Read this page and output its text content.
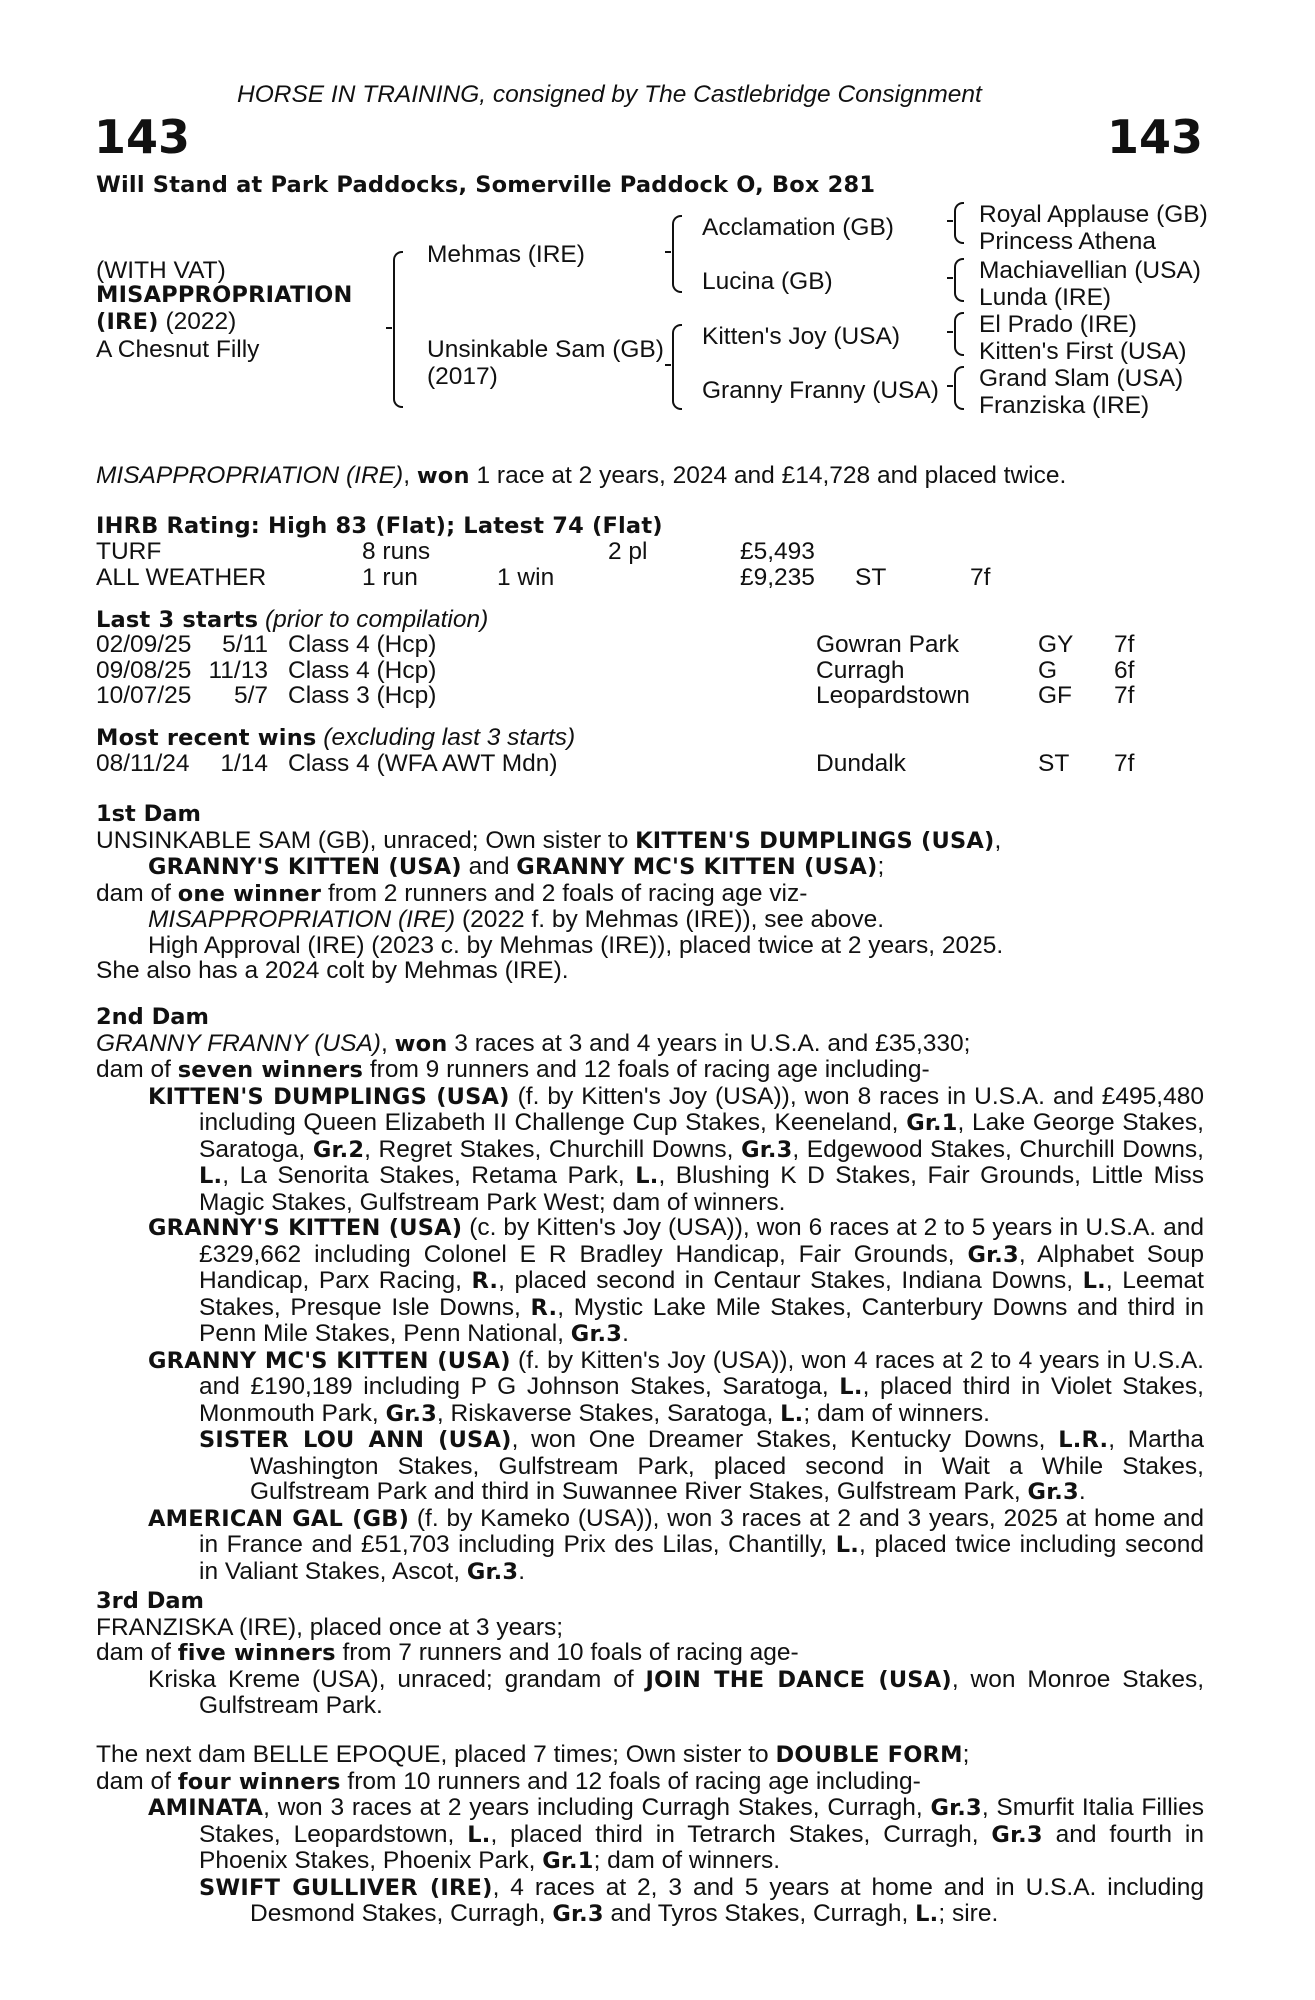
HORSE IN TRAINING, consigned by The Castlebridge Consignment
143	143
Will Stand at Park Paddocks, Somerville Paddock O, Box 281
(WITH VAT)
MISAPPROPRIATION
(IRE) (2022)
A Chesnut Filly
Mehmas (IRE)
Unsinkable Sam (GB)
(2017)
Acclamation (GB)
Lucina (GB)
Kitten's Joy (USA)
Granny Franny (USA)
Royal Applause (GB)
Princess Athena
Machiavellian (USA)
Lunda (IRE)
El Prado (IRE)
Kitten's First (USA)
Grand Slam (USA)
Franziska (IRE)
MISAPPROPRIATION (IRE), won 1 race at 2 years, 2024 and £14,728 and placed twice.
IHRB Rating: High 83 (Flat); Latest 74 (Flat)
TURF	8 runs	2 pl	£5,493
ALL WEATHER	1 run	1 win	£9,235 ST	7f
Last 3 starts (prior to compilation)
02/09/25	5/11 Class 4 (Hcp)	Gowran Park	GY 7f
09/08/25 11/13 Class 4 (Hcp)	Curragh	G 6f
10/07/25	5/7 Class 3 (Hcp)	Leopardstown	GF 7f
Most recent wins (excluding last 3 starts)
08/11/24	1/14 Class 4 (WFA AWT Mdn)	Dundalk	ST 7f
1st Dam
UNSINKABLE SAM (GB), unraced; Own sister to KITTEN'S DUMPLINGS (USA),
GRANNY'S KITTEN (USA) and GRANNY MC'S KITTEN (USA);
dam of one winner from 2 runners and 2 foals of racing age viz-
MISAPPROPRIATION (IRE) (2022 f. by Mehmas (IRE)), see above.
High Approval (IRE) (2023 c. by Mehmas (IRE)), placed twice at 2 years, 2025.
She also has a 2024 colt by Mehmas (IRE).
2nd Dam
GRANNY FRANNY (USA), won 3 races at 3 and 4 years in U.S.A. and £35,330;
dam of seven winners from 9 runners and 12 foals of racing age including-
KITTEN'S DUMPLINGS (USA) (f. by Kitten's Joy (USA)), won 8 races in U.S.A. and £495,480 including Queen Elizabeth II Challenge Cup Stakes, Keeneland, Gr.1, Lake George Stakes, Saratoga, Gr.2, Regret Stakes, Churchill Downs, Gr.3, Edgewood Stakes, Churchill Downs, L., La Senorita Stakes, Retama Park, L., Blushing K D Stakes, Fair Grounds, Little Miss Magic Stakes, Gulfstream Park West; dam of winners.
GRANNY'S KITTEN (USA) (c. by Kitten's Joy (USA)), won 6 races at 2 to 5 years in U.S.A. and £329,662 including Colonel E R Bradley Handicap, Fair Grounds, Gr.3, Alphabet Soup Handicap, Parx Racing, R., placed second in Centaur Stakes, Indiana Downs, L., Leemat Stakes, Presque Isle Downs, R., Mystic Lake Mile Stakes, Canterbury Downs and third in Penn Mile Stakes, Penn National, Gr.3.
GRANNY MC'S KITTEN (USA) (f. by Kitten's Joy (USA)), won 4 races at 2 to 4 years in U.S.A. and £190,189 including P G Johnson Stakes, Saratoga, L., placed third in Violet Stakes, Monmouth Park, Gr.3, Riskaverse Stakes, Saratoga, L.; dam of winners.
SISTER LOU ANN (USA), won One Dreamer Stakes, Kentucky Downs, L.R., Martha Washington Stakes, Gulfstream Park, placed second in Wait a While Stakes, Gulfstream Park and third in Suwannee River Stakes, Gulfstream Park, Gr.3.
AMERICAN GAL (GB) (f. by Kameko (USA)), won 3 races at 2 and 3 years, 2025 at home and in France and £51,703 including Prix des Lilas, Chantilly, L., placed twice including second in Valiant Stakes, Ascot, Gr.3.
3rd Dam
FRANZISKA (IRE), placed once at 3 years;
dam of five winners from 7 runners and 10 foals of racing age-
Kriska Kreme (USA), unraced; grandam of JOIN THE DANCE (USA), won Monroe Stakes, Gulfstream Park.
The next dam BELLE EPOQUE, placed 7 times; Own sister to DOUBLE FORM;
dam of four winners from 10 runners and 12 foals of racing age including-
AMINATA, won 3 races at 2 years including Curragh Stakes, Curragh, Gr.3, Smurfit Italia Fillies Stakes, Leopardstown, L., placed third in Tetrarch Stakes, Curragh, Gr.3 and fourth in Phoenix Stakes, Phoenix Park, Gr.1; dam of winners.
SWIFT GULLIVER (IRE), 4 races at 2, 3 and 5 years at home and in U.S.A. including Desmond Stakes, Curragh, Gr.3 and Tyros Stakes, Curragh, L.; sire.
